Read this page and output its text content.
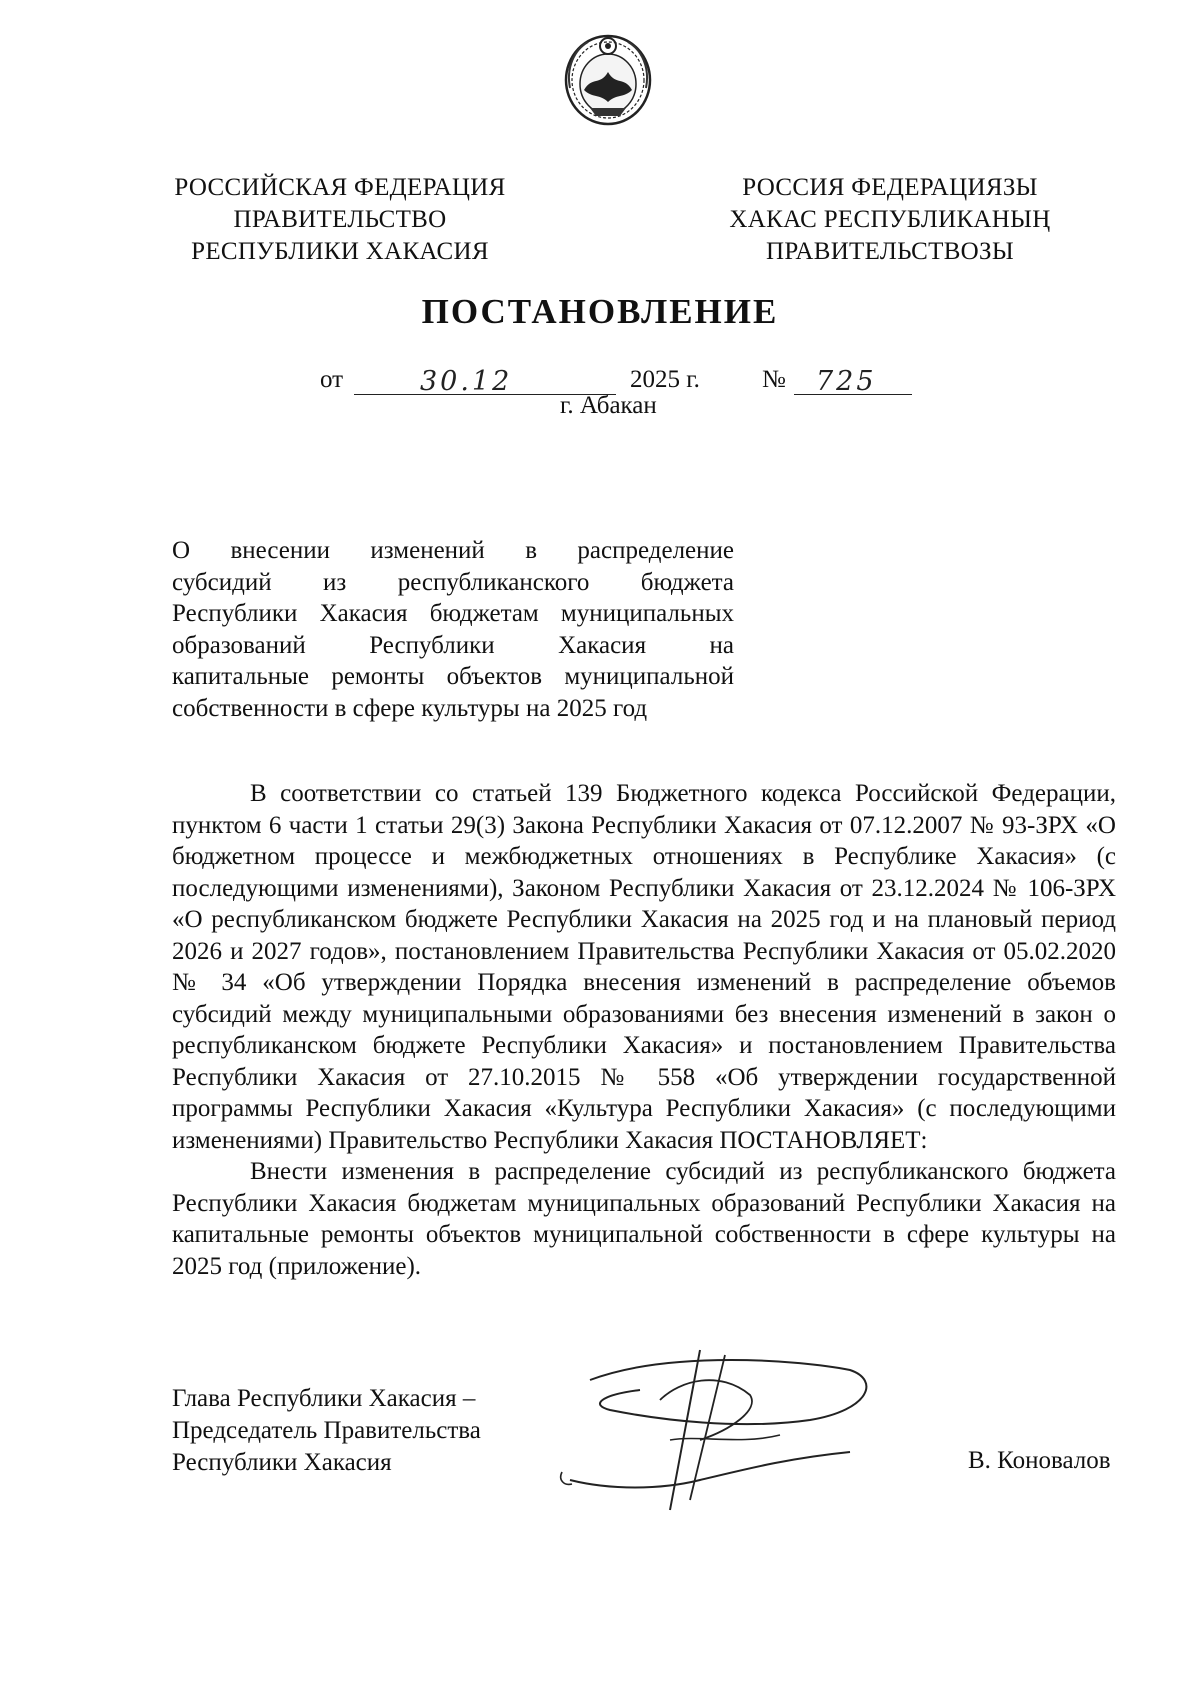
РОССИЙСКАЯ ФЕДЕРАЦИЯ
ПРАВИТЕЛЬСТВО
РЕСПУБЛИКИ ХАКАСИЯ
РОССИЯ ФЕДЕРАЦИЯЗЫ
ХАКАС РЕСПУБЛИКАНЫҢ
ПРАВИТЕЛЬСТВОЗЫ
ПОСТАНОВЛЕНИЕ
от	30.12	2025 г. № 725
г. Абакан
О внесении изменений в распределение
субсидий из республиканского бюджета
Республики Хакасия бюджетам муниципальных
образований Республики Хакасия на
капитальные ремонты объектов муниципальной
собственности в сфере культуры на 2025 год

В соответствии со статьей 139 Бюджетного кодекса Российской Федерации, пунктом 6 части 1 статьи 29(3) Закона Республики Хакасия от 07.12.2007 № 93-ЗРХ «О бюджетном процессе и межбюджетных отношениях в Республике Хакасия» (с последующими изменениями), Законом Республики Хакасия от 23.12.2024 № 106-ЗРХ «О республиканском бюджете Республики Хакасия на 2025 год и на плановый период 2026 и 2027 годов», постановлением Правительства Республики Хакасия от 05.02.2020 № 34 «Об утверждении Порядка внесения изменений в распределение объемов субсидий между муниципальными образованиями без внесения изменений в закон о республиканском бюджете Республики Хакасия» и постановлением Правительства Республики Хакасия от 27.10.2015 № 558 «Об утверждении государственной программы Республики Хакасия «Культура Республики Хакасия» (с последующими изменениями) Правительство Республики Хакасия ПОСТАНОВЛЯЕТ:

Внести изменения в распределение субсидий из республиканского бюджета Республики Хакасия бюджетам муниципальных образований Республики Хакасия на капитальные ремонты объектов муниципальной собственности в сфере культуры на 2025 год (приложение).

Глава Республики Хакасия –
Председатель Правительства
Республики Хакасия	В. Коновалов
